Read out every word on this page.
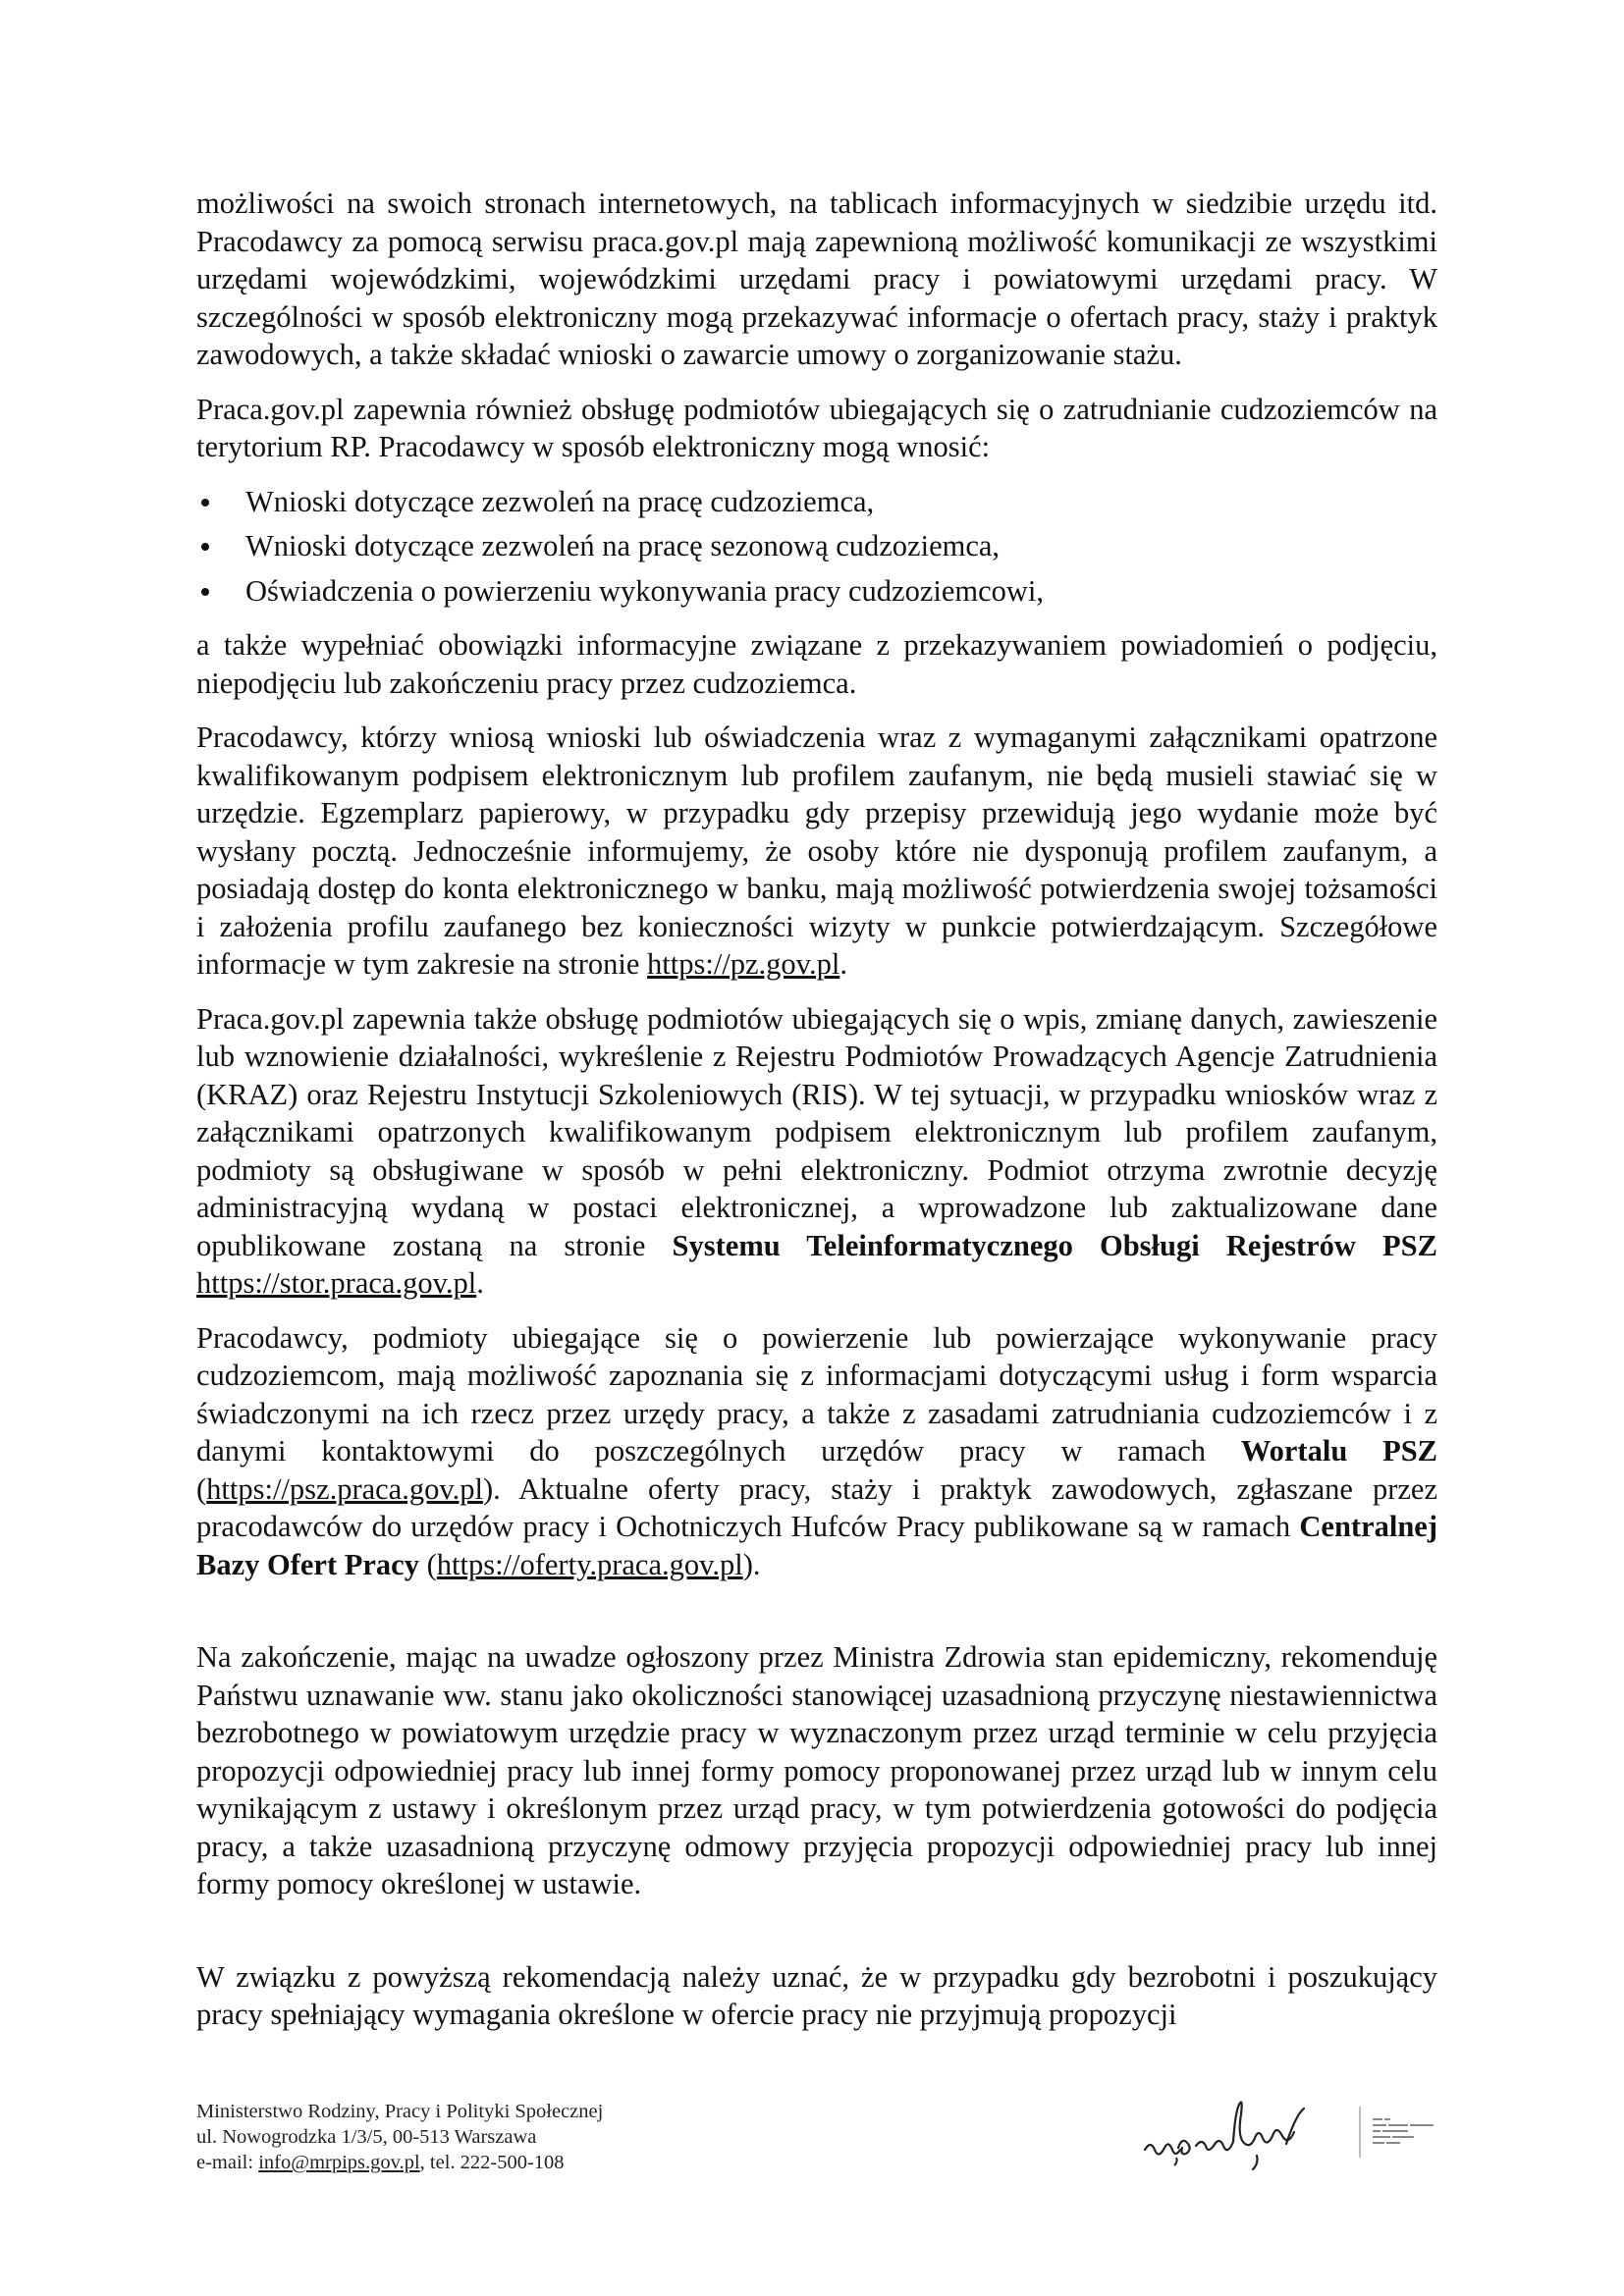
możliwości na swoich stronach internetowych, na tablicach informacyjnych w siedzibie urzędu itd. Pracodawcy za pomocą serwisu praca.gov.pl mają zapewnioną możliwość komunikacji ze wszystkimi urzędami wojewódzkimi, wojewódzkimi urzędami pracy i powiatowymi urzędami pracy. W szczególności w sposób elektroniczny mogą przekazywać informacje o ofertach pracy, staży i praktyk zawodowych, a także składać wnioski o zawarcie umowy o zorganizowanie stażu.

Praca.gov.pl zapewnia również obsługę podmiotów ubiegających się o zatrudnianie cudzoziemców na terytorium RP. Pracodawcy w sposób elektroniczny mogą wnosić:

Wnioski dotyczące zezwoleń na pracę cudzoziemca,
Wnioski dotyczące zezwoleń na pracę sezonową cudzoziemca,
Oświadczenia o powierzeniu wykonywania pracy cudzoziemcowi,

a także wypełniać obowiązki informacyjne związane z przekazywaniem powiadomień o podjęciu, niepodjęciu lub zakończeniu pracy przez cudzoziemca.

Pracodawcy, którzy wniosą wnioski lub oświadczenia wraz z wymaganymi załącznikami opatrzone kwalifikowanym podpisem elektronicznym lub profilem zaufanym, nie będą musieli stawiać się w urzędzie. Egzemplarz papierowy, w przypadku gdy przepisy przewidują jego wydanie może być wysłany pocztą. Jednocześnie informujemy, że osoby które nie dysponują profilem zaufanym, a posiadają dostęp do konta elektronicznego w banku, mają możliwość potwierdzenia swojej tożsamości i założenia profilu zaufanego bez konieczności wizyty w punkcie potwierdzającym. Szczegółowe informacje w tym zakresie na stronie https://pz.gov.pl.

Praca.gov.pl zapewnia także obsługę podmiotów ubiegających się o wpis, zmianę danych, zawieszenie lub wznowienie działalności, wykreślenie z Rejestru Podmiotów Prowadzących Agencje Zatrudnienia (KRAZ) oraz Rejestru Instytucji Szkoleniowych (RIS). W tej sytuacji, w przypadku wniosków wraz z załącznikami opatrzonych kwalifikowanym podpisem elektronicznym lub profilem zaufanym, podmioty są obsługiwane w sposób w pełni elektroniczny. Podmiot otrzyma zwrotnie decyzję administracyjną wydaną w postaci elektronicznej, a wprowadzone lub zaktualizowane dane opublikowane zostaną na stronie Systemu Teleinformatycznego Obsługi Rejestrów PSZ https://stor.praca.gov.pl.

Pracodawcy, podmioty ubiegające się o powierzenie lub powierzające wykonywanie pracy cudzoziemcom, mają możliwość zapoznania się z informacjami dotyczącymi usług i form wsparcia świadczonymi na ich rzecz przez urzędy pracy, a także z zasadami zatrudniania cudzoziemców i z danymi kontaktowymi do poszczególnych urzędów pracy w ramach Wortalu PSZ (https://psz.praca.gov.pl). Aktualne oferty pracy, staży i praktyk zawodowych, zgłaszane przez pracodawców do urzędów pracy i Ochotniczych Hufców Pracy publikowane są w ramach Centralnej Bazy Ofert Pracy (https://oferty.praca.gov.pl).

Na zakończenie, mając na uwadze ogłoszony przez Ministra Zdrowia stan epidemiczny, rekomenduję Państwu uznawanie ww. stanu jako okoliczności stanowiącej uzasadnioną przyczynę niestawiennictwa bezrobotnego w powiatowym urzędzie pracy w wyznaczonym przez urząd terminie w celu przyjęcia propozycji odpowiedniej pracy lub innej formy pomocy proponowanej przez urząd lub w innym celu wynikającym z ustawy i określonym przez urząd pracy, w tym potwierdzenia gotowości do podjęcia pracy, a także uzasadnioną przyczynę odmowy przyjęcia propozycji odpowiedniej pracy lub innej formy pomocy określonej w ustawie.

W związku z powyższą rekomendacją należy uznać, że w przypadku gdy bezrobotni i poszukujący pracy spełniający wymagania określone w ofercie pracy nie przyjmują propozycji

Ministerstwo Rodziny, Pracy i Polityki Społecznej
ul. Nowogrodzka 1/3/5, 00-513 Warszawa
e-mail: info@mrpips.gov.pl, tel. 222-500-108
